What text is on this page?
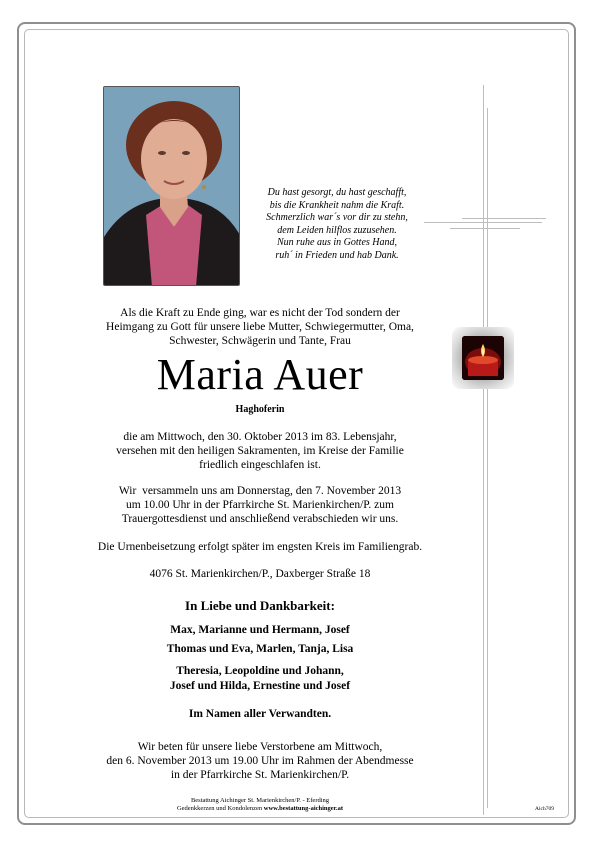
Du hast gesorgt, du hast geschafft,
bis die Krankheit nahm die Kraft.
Schmerzlich war´s vor dir zu stehn,
dem Leiden hilflos zuzusehen.
Nun ruhe aus in Gottes Hand,
ruh´ in Frieden und hab Dank.
Als die Kraft zu Ende ging, war es nicht der Tod sondern der
Heimgang zu Gott für unsere liebe Mutter, Schwiegermutter, Oma,
Schwester, Schwägerin und Tante, Frau
Maria Auer
Haghoferin
die am Mittwoch, den 30. Oktober 2013 im 83. Lebensjahr,
versehen mit den heiligen Sakramenten, im Kreise der Familie
friedlich eingeschlafen ist.
Wir  versammeln uns am Donnerstag, den 7. November 2013
um 10.00 Uhr in der Pfarrkirche St. Marienkirchen/P. zum
Trauergottesdienst und anschließend verabschieden wir uns.
Die Urnenbeisetzung erfolgt später im engsten Kreis im Familiengrab.
4076 St. Marienkirchen/P., Daxberger Straße 18
In Liebe und Dankbarkeit:
Max, Marianne und Hermann, Josef
Thomas und Eva, Marlen, Tanja, Lisa
Theresia, Leopoldine und Johann,
Josef und Hilda, Ernestine und Josef
Im Namen aller Verwandten.
Wir beten für unsere liebe Verstorbene am Mittwoch,
den 6. November 2013 um 19.00 Uhr im Rahmen der Abendmesse
in der Pfarrkirche St. Marienkirchen/P.
Bestattung Aichinger St. Marienkirchen/P. - Eferding
Gedenkkerzen und Kondolenzen www.bestattung-aichinger.at	Aich709
